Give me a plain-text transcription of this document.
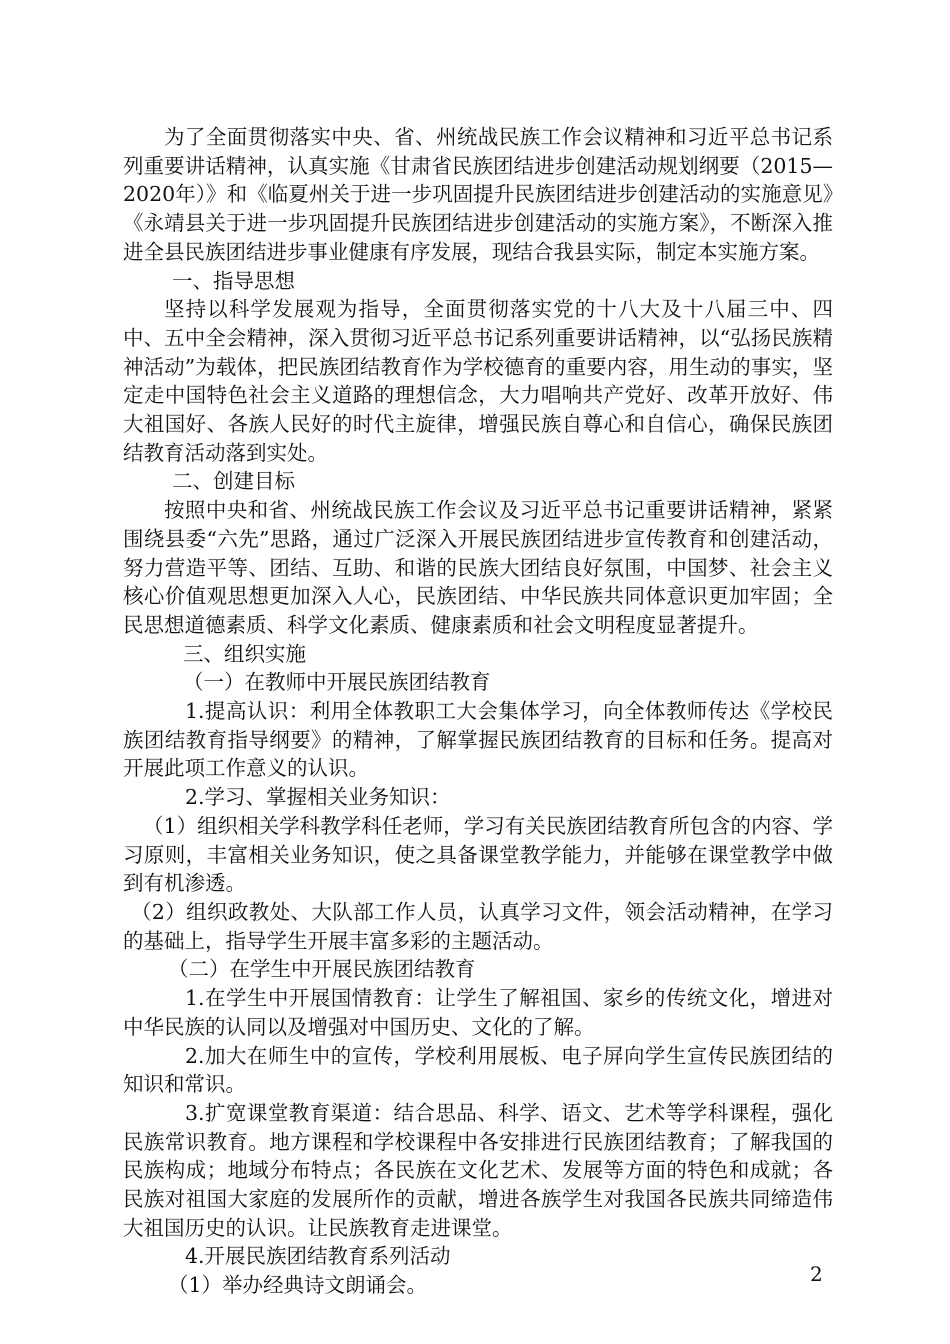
为了全面贯彻落实中央、省、州统战民族工作会议精神和习近平总书记系列重要讲话精神，认真实施《甘肃省民族团结进步创建活动规划纲要（2015—2020年）》和《临夏州关于进一步巩固提升民族团结进步创建活动的实施意见》《永靖县关于进一步巩固提升民族团结进步创建活动的实施方案》，不断深入推进全县民族团结进步事业健康有序发展，现结合我县实际，制定本实施方案。

一、指导思想

坚持以科学发展观为指导，全面贯彻落实党的十八大及十八届三中、四中、五中全会精神，深入贯彻习近平总书记系列重要讲话精神，以“弘扬民族精神活动”为载体，把民族团结教育作为学校德育的重要内容，用生动的事实，坚定走中国特色社会主义道路的理想信念，大力唱响共产党好、改革开放好、伟大祖国好、各族人民好的时代主旋律，增强民族自尊心和自信心，确保民族团结教育活动落到实处。

二、创建目标

按照中央和省、州统战民族工作会议及习近平总书记重要讲话精神，紧紧围绕县委“六先”思路，通过广泛深入开展民族团结进步宣传教育和创建活动，努力营造平等、团结、互助、和谐的民族大团结良好氛围，中国梦、社会主义核心价值观思想更加深入人心，民族团结、中华民族共同体意识更加牢固；全民思想道德素质、科学文化素质、健康素质和社会文明程度显著提升。

三、组织实施

（一）在教师中开展民族团结教育

1.提高认识：利用全体教职工大会集体学习，向全体教师传达《学校民族团结教育指导纲要》的精神，了解掌握民族团结教育的目标和任务。提高对开展此项工作意义的认识。

2.学习、掌握相关业务知识：

（1）组织相关学科教学科任老师，学习有关民族团结教育所包含的内容、学习原则，丰富相关业务知识，使之具备课堂教学能力，并能够在课堂教学中做到有机渗透。

（2）组织政教处、大队部工作人员，认真学习文件，领会活动精神，在学习的基础上，指导学生开展丰富多彩的主题活动。

（二）在学生中开展民族团结教育

1.在学生中开展国情教育：让学生了解祖国、家乡的传统文化，增进对中华民族的认同以及增强对中国历史、文化的了解。

2.加大在师生中的宣传，学校利用展板、电子屏向学生宣传民族团结的知识和常识。

3.扩宽课堂教育渠道：结合思品、科学、语文、艺术等学科课程，强化民族常识教育。地方课程和学校课程中各安排进行民族团结教育；了解我国的民族构成；地域分布特点；各民族在文化艺术、发展等方面的特色和成就；各民族对祖国大家庭的发展所作的贡献，增进各族学生对我国各民族共同缔造伟大祖国历史的认识。让民族教育走进课堂。

4.开展民族团结教育系列活动

（1）举办经典诗文朗诵会。	2
